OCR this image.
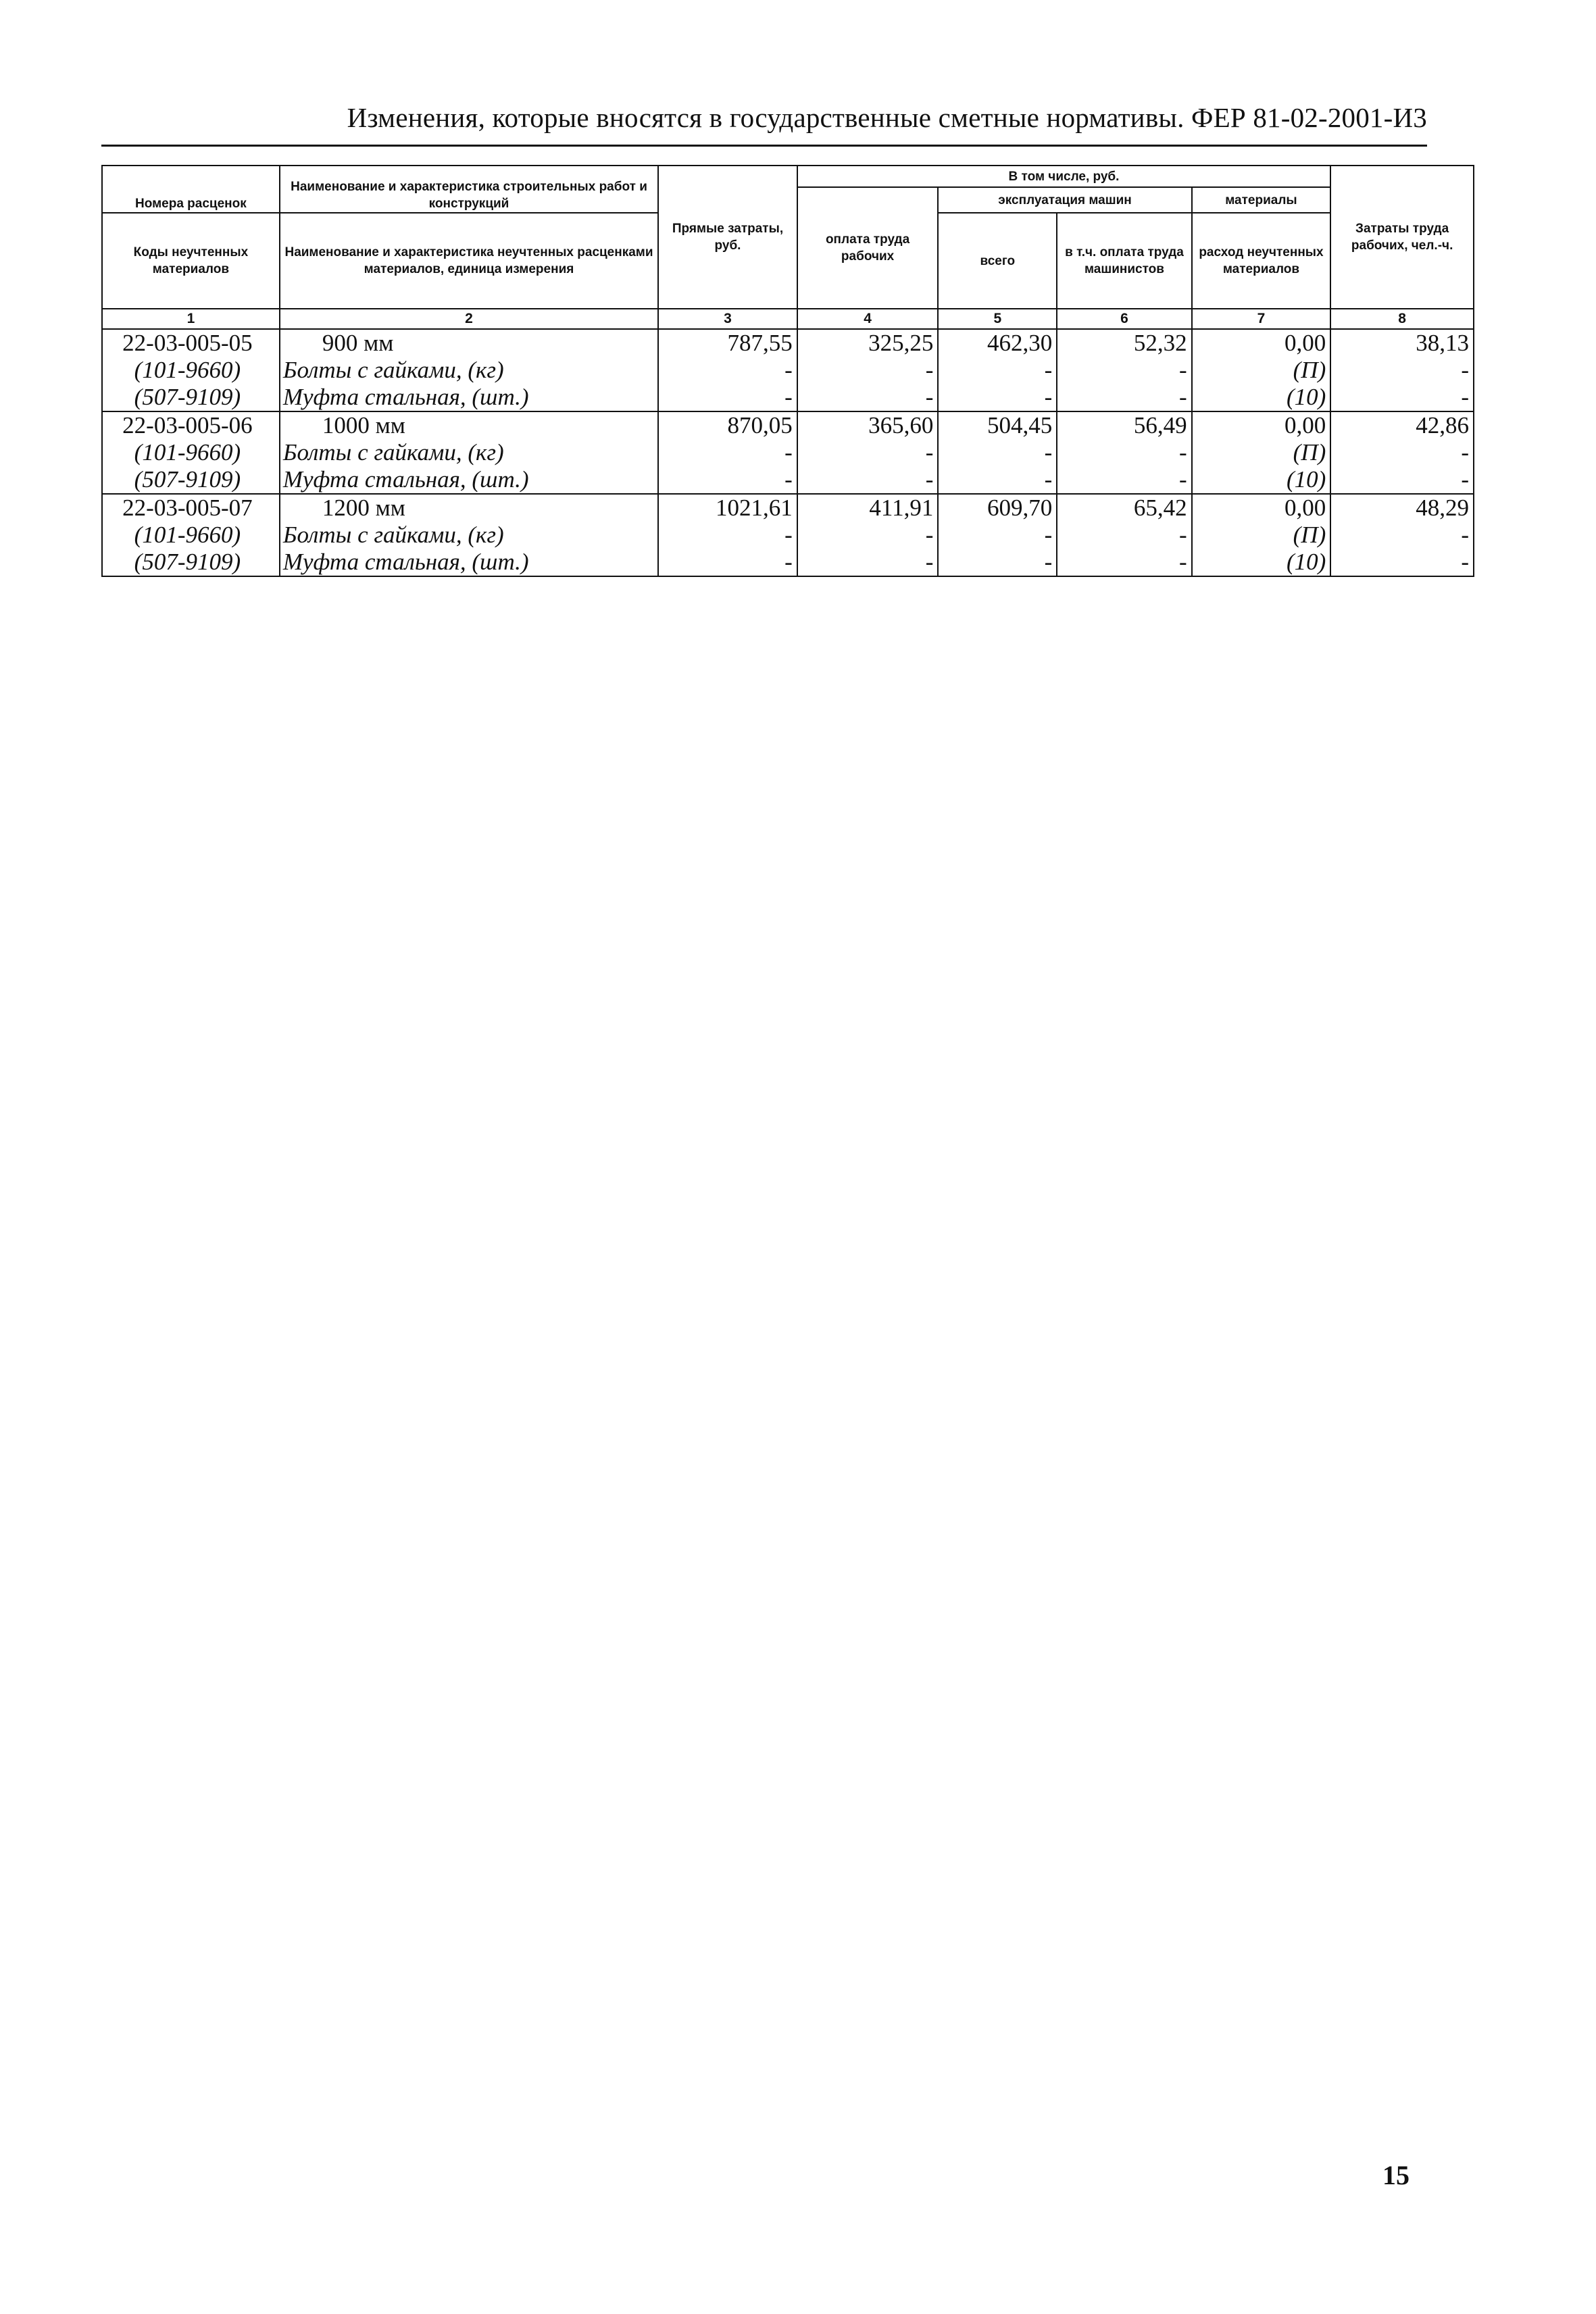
Изменения, которые вносятся в государственные сметные нормативы. ФЕР 81-02-2001-И3
Номера расценок	Наименование и характеристика строительных работ и конструкций	Прямые затраты, руб.	В том числе, руб.				Затраты труда рабочих, чел.-ч.
			оплата труда рабочих	эксплуатация машин		материалы	
Коды неучтенных материалов	Наименование и характеристика неучтенных расценками материалов, единица измерения			всего	в т.ч. оплата труда машинистов	расход неучтенных материалов	
1	2	3	4	5	6	7	8
22-03-005-05	900 мм	787,55	325,25	462,30	52,32	0,00	38,13
(101-9660)	Болты с гайками, (кг)	-	-	-	-	(П)	-
(507-9109)	Муфта стальная, (шт.)	-	-	-	-	(10)	-
22-03-005-06	1000 мм	870,05	365,60	504,45	56,49	0,00	42,86
(101-9660)	Болты с гайками, (кг)	-	-	-	-	(П)	-
(507-9109)	Муфта стальная, (шт.)	-	-	-	-	(10)	-
22-03-005-07	1200 мм	1021,61	411,91	609,70	65,42	0,00	48,29
(101-9660)	Болты с гайками, (кг)	-	-	-	-	(П)	-
(507-9109)	Муфта стальная, (шт.)	-	-	-	-	(10)	-
15
